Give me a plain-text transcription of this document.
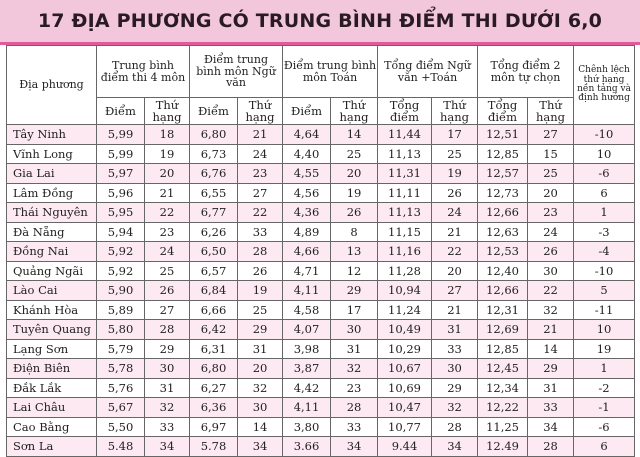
17 ĐỊA PHƯƠNG CÓ TRUNG BÌNH ĐIỂM THI DƯỚI 6,0
Địa phương	Trung bình điểm thi 4 môn		Điểm trung bình môn Ngữ văn		Điểm trung bình môn Toán		Tổng điểm Ngữ văn +Toán		Tổng điểm 2 môn tự chọn		Chênh lệch thứ hạng nền tảng và định hướng
	Điểm	Thứ hạng	Điểm	Thứ hạng	Điểm	Thứ hạng	Tổng điểm	Thứ hạng	Tổng điểm	Thứ hạng	
Tây Ninh	5,99	18	6,80	21	4,64	14	11,44	17	12,51	27	-10
Vĩnh Long	5,99	19	6,73	24	4,40	25	11,13	25	12,85	15	10
Gia Lai	5,97	20	6,76	23	4,55	20	11,31	19	12,57	25	-6
Lâm Đồng	5,96	21	6,55	27	4,56	19	11,11	26	12,73	20	6
Thái Nguyên	5,95	22	6,77	22	4,36	26	11,13	24	12,66	23	1
Đà Nẵng	5,94	23	6,26	33	4,89	8	11,15	21	12,63	24	-3
Đồng Nai	5,92	24	6,50	28	4,66	13	11,16	22	12,53	26	-4
Quảng Ngãi	5,92	25	6,57	26	4,71	12	11,28	20	12,40	30	-10
Lào Cai	5,90	26	6,84	19	4,11	29	10,94	27	12,66	22	5
Khánh Hòa	5,89	27	6,66	25	4,58	17	11,24	21	12,31	32	-11
Tuyên Quang	5,80	28	6,42	29	4,07	30	10,49	31	12,69	21	10
Lạng Sơn	5,79	29	6,31	31	3,98	31	10,29	33	12,85	14	19
Điện Biên	5,78	30	6,80	20	3,87	32	10,67	30	12,45	29	1
Đắk Lắk	5,76	31	6,27	32	4,42	23	10,69	29	12,34	31	-2
Lai Châu	5,67	32	6,36	30	4,11	28	10,47	32	12,22	33	-1
Cao Bằng	5,50	33	6,97	14	3,80	33	10,77	28	11,25	34	-6
Sơn La	5.48	34	5.78	34	3.66	34	9.44	34	12.49	28	6
